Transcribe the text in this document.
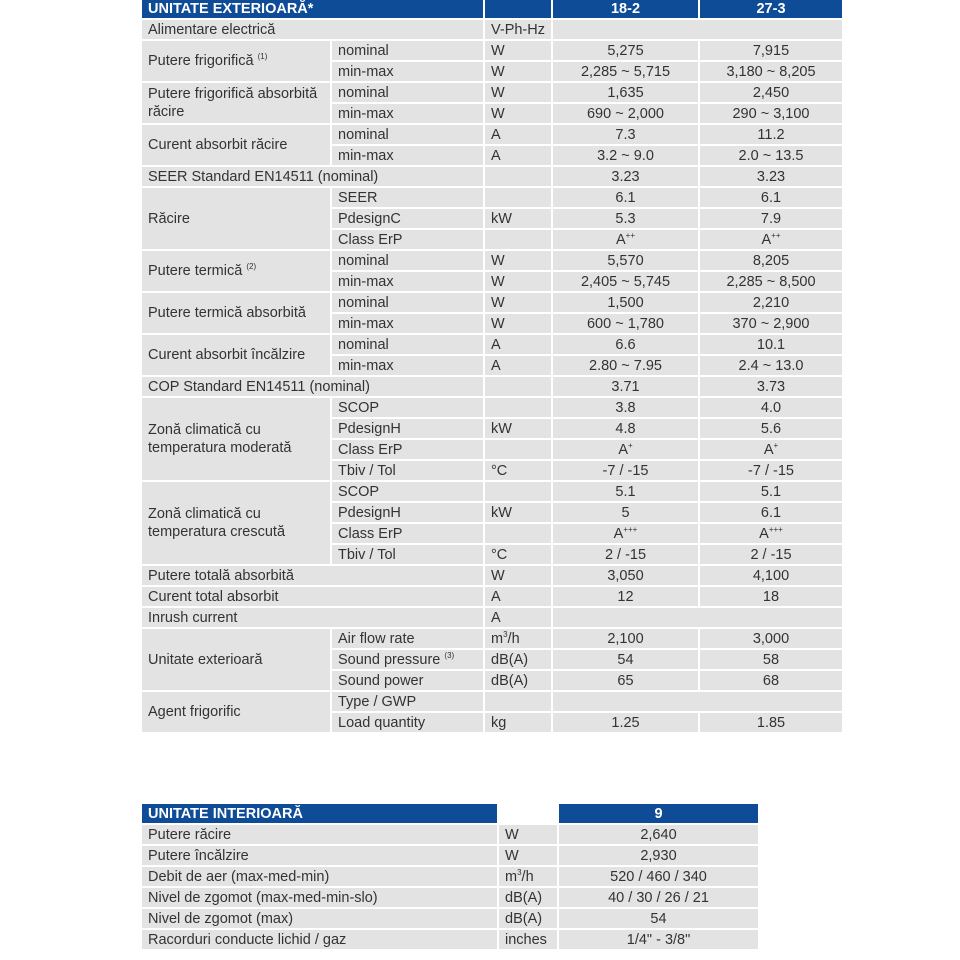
UNITATE EXTERIOARĂ*			18-2	27-3
Alimentare electrică		V-Ph-Hz		
Putere frigorifică $^{(1)}$	nominal	W	5,275	7,915
	min-max	W	2,285 ~ 5,715	3,180 ~ 8,205
Putere frigorifică absorbită răcire	nominal	W	1,635	2,450
	min-max	W	690 ~ 2,000	290 ~ 3,100
Curent absorbit răcire	nominal	A	7.3	11.2
	min-max	A	3.2 ~ 9.0	2.0 ~ 13.5
SEER Standard EN14511 (nominal)			3.23	3.23
Răcire	SEER		6.1	6.1
	PdesignC	kW	5.3	7.9
	Class ErP		A++	A++
Putere termică $^{(2)}$	nominal	W	5,570	8,205
	min-max	W	2,405 ~ 5,745	2,285 ~ 8,500
Putere termică absorbită	nominal	W	1,500	2,210
	min-max	W	600 ~ 1,780	370 ~ 2,900
Curent absorbit încălzire	nominal	A	6.6	10.1
	min-max	A	2.80 ~ 7.95	2.4 ~ 13.0
COP Standard EN14511 (nominal)			3.71	3.73
Zonă climatică cu temperatura moderată	SCOP		3.8	4.0
	PdesignH	kW	4.8	5.6
	Class ErP		A+	A+
	Tbiv / Tol	°C	-7 / -15	-7 / -15
Zonă climatică cu temperatura crescută	SCOP		5.1	5.1
	PdesignH	kW	5	6.1
	Class ErP		A+++	A+++
	Tbiv / Tol	°C	2 / -15	2 / -15
Putere totală absorbită		W	3,050	4,100
Curent total absorbit		A	12	18
Inrush current		A		
Unitate exterioară	Air flow rate	$m^3/h$	2,100	3,000
	Sound pressure $^{(3)}$	dB(A)	54	58
	Sound power	dB(A)	65	68
Agent frigorific	Type / GWP			
	Load quantity	kg	1.25	1.85
UNITATE INTERIOARĂ		9
Putere răcire	W	2,640
Putere încălzire	W	2,930
Debit de aer (max-med-min)	$m^3/h$	520 / 460 / 340
Nivel de zgomot (max-med-min-slo)	dB(A)	40 / 30 / 26 / 21
Nivel de zgomot (max)	dB(A)	54
Racorduri conducte lichid / gaz	inches	1/4" - 3/8"
